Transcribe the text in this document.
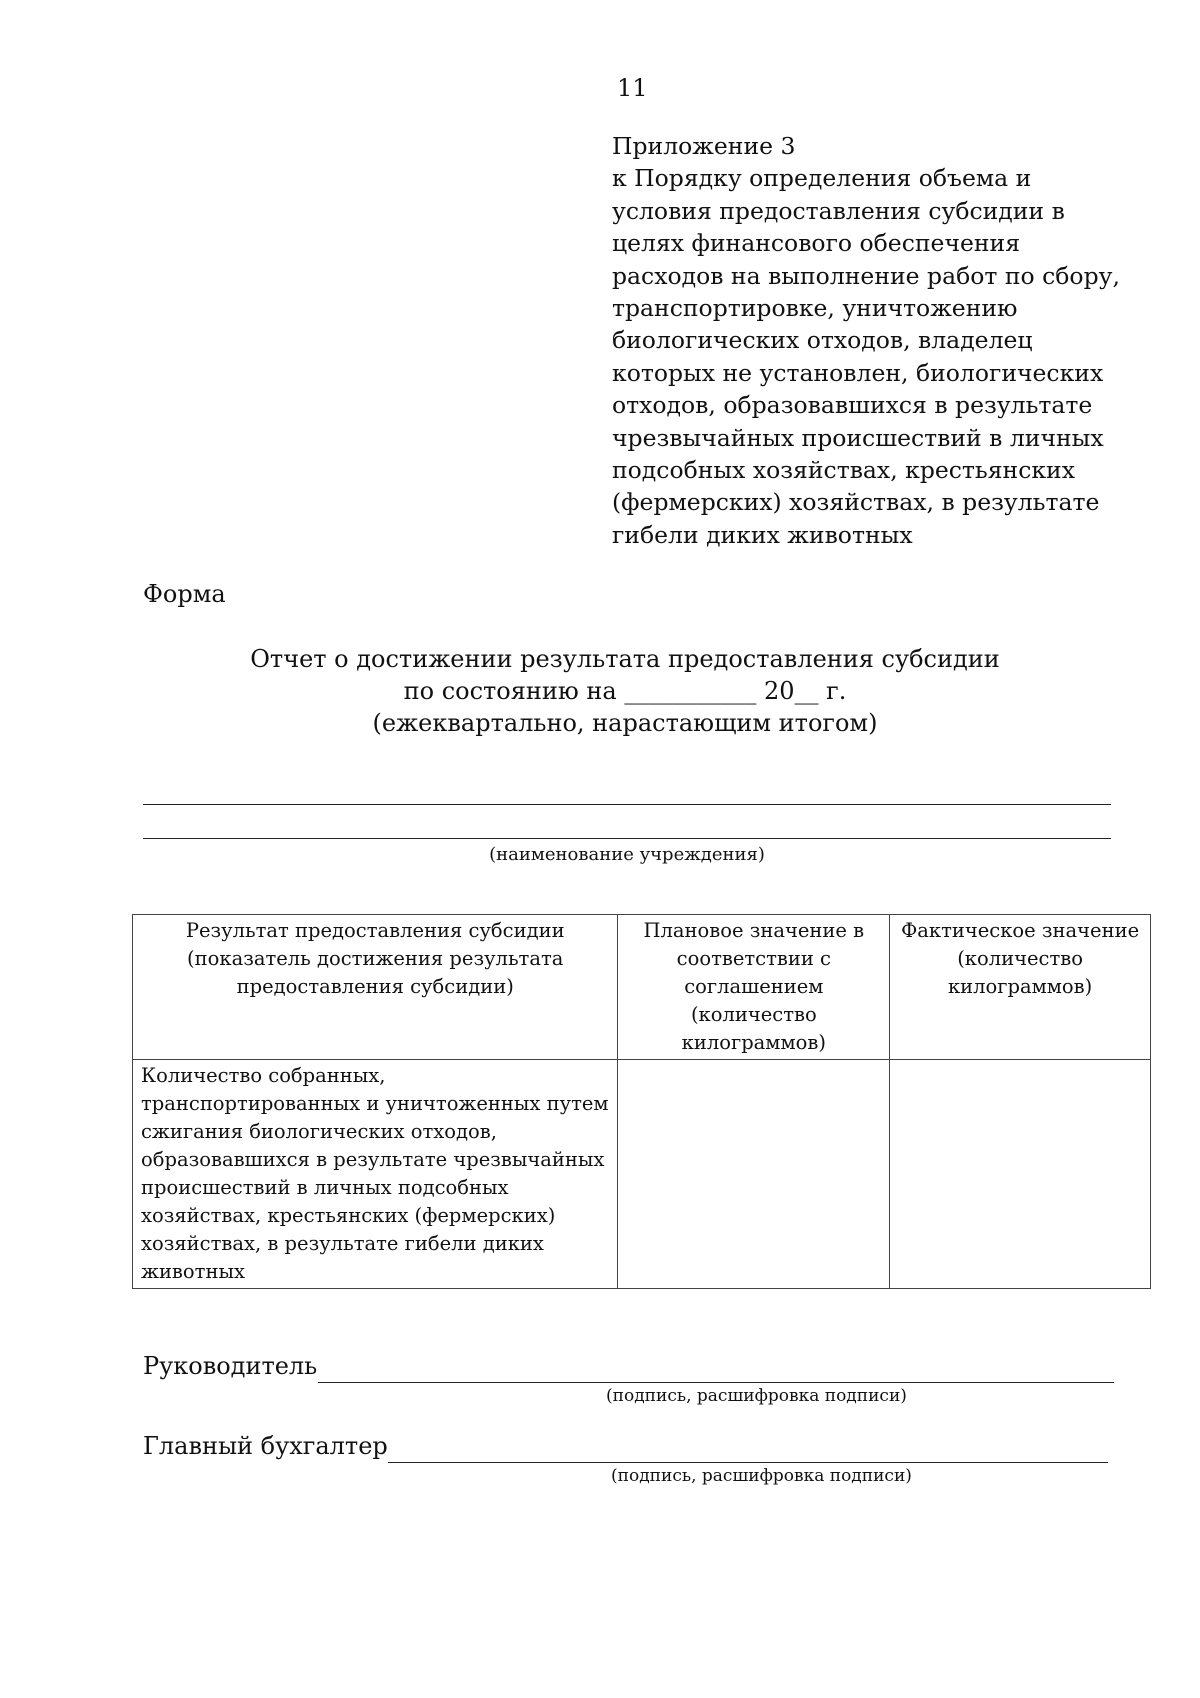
11
Приложение 3
к Порядку определения объема и
условия предоставления субсидии в
целях финансового обеспечения
расходов на выполнение работ по сбору,
транспортировке, уничтожению
биологических отходов, владелец
которых не установлен, биологических
отходов, образовавшихся в результате
чрезвычайных происшествий в личных
подсобных хозяйствах, крестьянских
(фермерских) хозяйствах, в результате
гибели диких животных
Форма
Отчет о достижении результата предоставления субсидии
по состоянию на ___________ 20__ г.
(ежеквартально, нарастающим итогом)
(наименование учреждения)
Результат предоставления субсидии (показатель достижения результата предоставления субсидии)	Плановое значение в соответствии с соглашением (количество килограммов)	Фактическое значение (количество килограммов)
Количество собранных, транспортированных и уничтоженных путем сжигания биологических отходов, образовавшихся в результате чрезвычайных происшествий в личных подсобных хозяйствах, крестьянских (фермерских) хозяйствах, в результате гибели диких животных		
Руководитель
(подпись, расшифровка подписи)
Главный бухгалтер
(подпись, расшифровка подписи)
